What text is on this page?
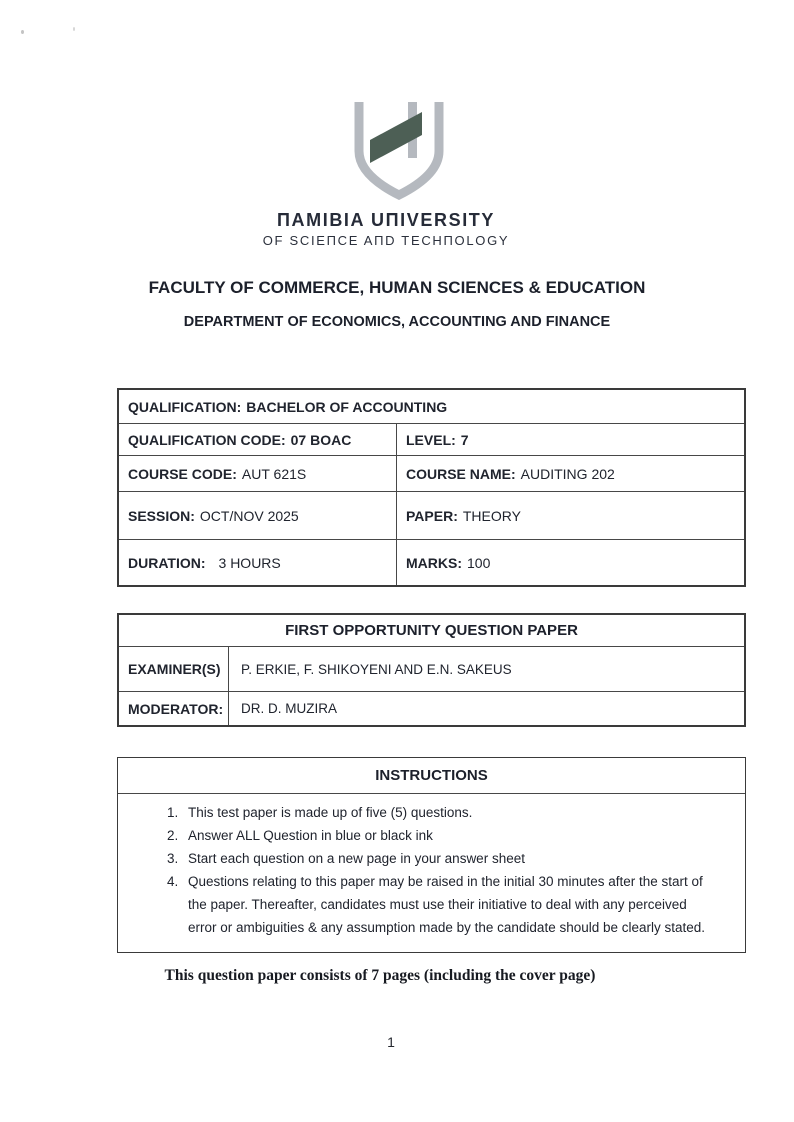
ПAMIBIA UПIVERSITY
OF SCIEПCE AПD TECHПOLOGY
FACULTY OF COMMERCE, HUMAN SCIENCES & EDUCATION
DEPARTMENT OF ECONOMICS, ACCOUNTING AND FINANCE
QUALIFICATION: BACHELOR OF ACCOUNTING
QUALIFICATION CODE: 07 BOAC	LEVEL: 7
COURSE CODE: AUT 621S	COURSE NAME: AUDITING 202
SESSION: OCT/NOV 2025	PAPER: THEORY
DURATION: 3 HOURS	MARKS: 100
FIRST OPPORTUNITY QUESTION PAPER
EXAMINER(S)	P. ERKIE, F. SHIKOYENI AND E.N. SAKEUS
MODERATOR:	DR. D. MUZIRA
INSTRUCTIONS
1. This test paper is made up of five (5) questions.
2. Answer ALL Question in blue or black ink
3. Start each question on a new page in your answer sheet
4. Questions relating to this paper may be raised in the initial 30 minutes after the start of the paper. Thereafter, candidates must use their initiative to deal with any perceived error or ambiguities & any assumption made by the candidate should be clearly stated.
This question paper consists of 7 pages (including the cover page)
1
